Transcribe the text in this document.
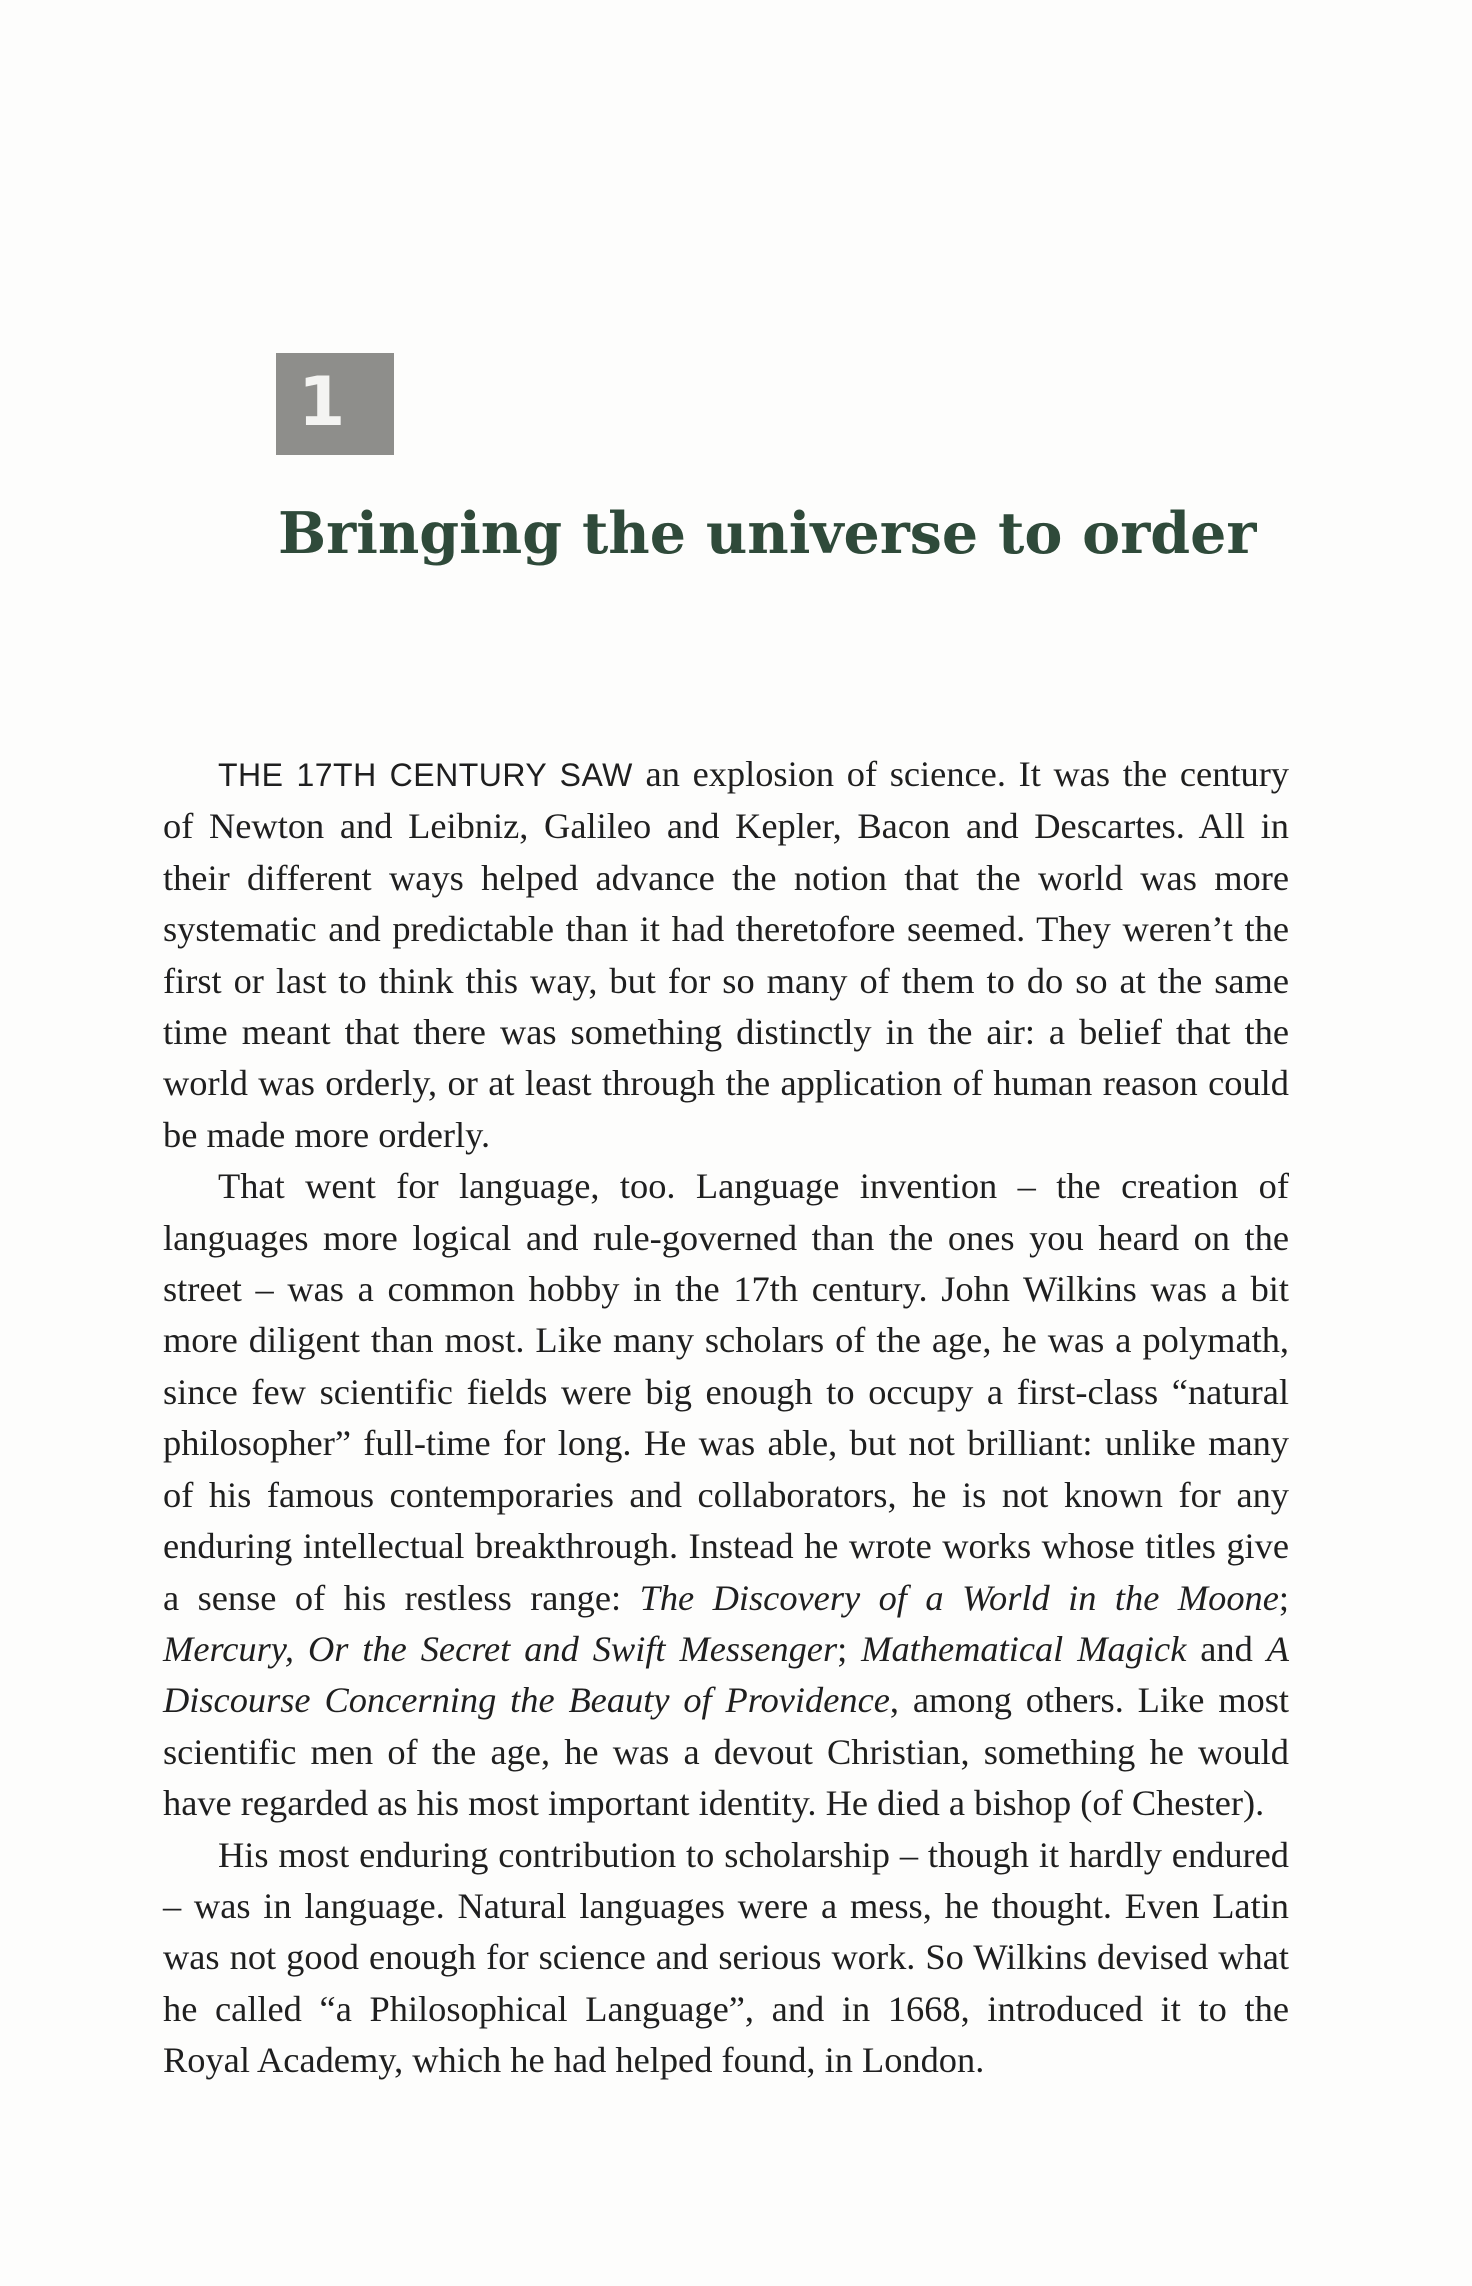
1
Bringing the universe to order

THE 17TH CENTURY SAW an explosion of science. It was the century of Newton and Leibniz, Galileo and Kepler, Bacon and Descartes. All in their different ways helped advance the notion that the world was more systematic and predictable than it had theretofore seemed. They weren’t the first or last to think this way, but for so many of them to do so at the same time meant that there was something distinctly in the air: a belief that the world was orderly, or at least through the application of human reason could be made more orderly.

That went for language, too. Language invention – the creation of languages more logical and rule-governed than the ones you heard on the street – was a common hobby in the 17th century. John Wilkins was a bit more diligent than most. Like many scholars of the age, he was a polymath, since few scientific fields were big enough to occupy a first-class “natural philosopher” full-time for long. He was able, but not brilliant: unlike many of his famous contemporaries and collaborators, he is not known for any enduring intellectual breakthrough. Instead he wrote works whose titles give a sense of his restless range: The Discovery of a World in the Moone; Mercury, Or the Secret and Swift Messenger; Mathematical Magick and A Discourse Concerning the Beauty of Providence, among others. Like most scientific men of the age, he was a devout Christian, something he would have regarded as his most important identity. He died a bishop (of Chester).

His most enduring contribution to scholarship – though it hardly endured – was in language. Natural languages were a mess, he thought. Even Latin was not good enough for science and serious work. So Wilkins devised what he called “a Philosophical Language”, and in 1668, introduced it to the Royal Academy, which he had helped found, in London.
